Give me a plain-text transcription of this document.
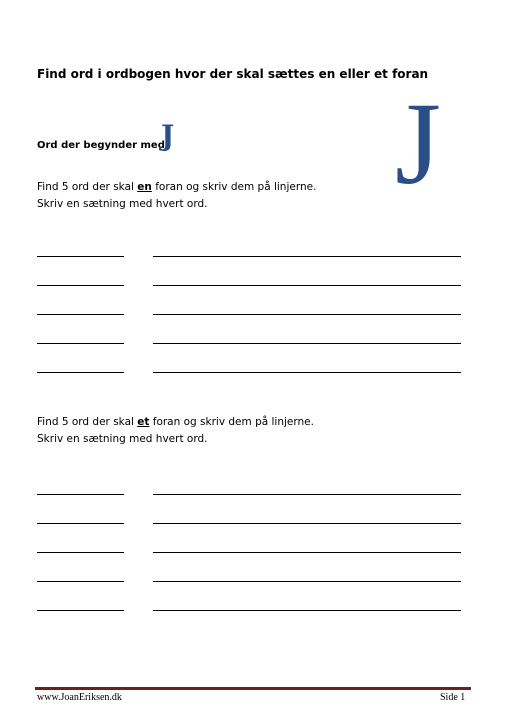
Find ord i ordbogen hvor der skal sættes en eller et foran
Ord der begynder med
J J
Find 5 ord der skal en foran og skriv dem på linjerne.
Skriv en sætning med hvert ord.
Find 5 ord der skal et foran og skriv dem på linjerne.
Skriv en sætning med hvert ord.
www.JoanEriksen.dk	Side 1
